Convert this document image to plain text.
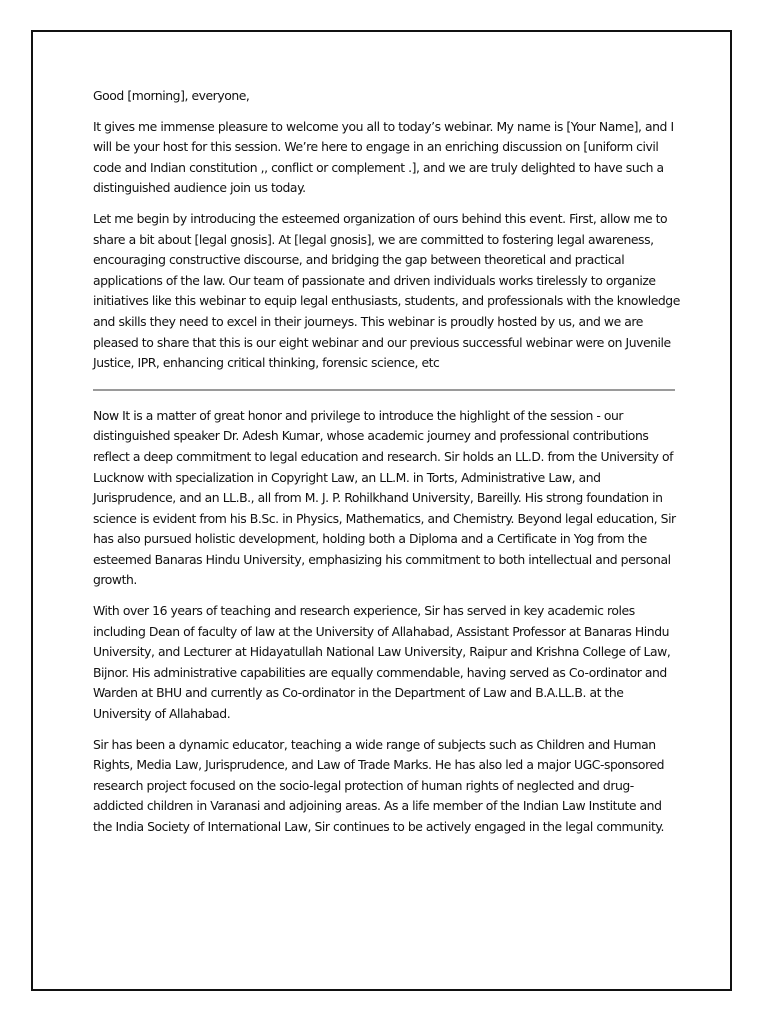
Good [morning], everyone,

It gives me immense pleasure to welcome you all to today’s webinar. My name is [Your Name], and I will be your host for this session. We’re here to engage in an enriching discussion on [uniform civil code and Indian constitution ,, conflict or complement .], and we are truly delighted to have such a distinguished audience join us today.

Let me begin by introducing the esteemed organization of ours behind this event. First, allow me to share a bit about [legal gnosis]. At [legal gnosis], we are committed to fostering legal awareness, encouraging constructive discourse, and bridging the gap between theoretical and practical applications of the law. Our team of passionate and driven individuals works tirelessly to organize initiatives like this webinar to equip legal enthusiasts, students, and professionals with the knowledge and skills they need to excel in their journeys. This webinar is proudly hosted by us, and we are pleased to share that this is our eight webinar and our previous successful webinar were on Juvenile Justice, IPR, enhancing critical thinking, forensic science, etc

Now It is a matter of great honor and privilege to introduce the highlight of the session - our distinguished speaker Dr. Adesh Kumar, whose academic journey and professional contributions reflect a deep commitment to legal education and research. Sir holds an LL.D. from the University of Lucknow with specialization in Copyright Law, an LL.M. in Torts, Administrative Law, and Jurisprudence, and an LL.B., all from M. J. P. Rohilkhand University, Bareilly. His strong foundation in science is evident from his B.Sc. in Physics, Mathematics, and Chemistry. Beyond legal education, Sir has also pursued holistic development, holding both a Diploma and a Certificate in Yog from the esteemed Banaras Hindu University, emphasizing his commitment to both intellectual and personal growth.

With over 16 years of teaching and research experience, Sir has served in key academic roles including Dean of faculty of law at the University of Allahabad, Assistant Professor at Banaras Hindu University, and Lecturer at Hidayatullah National Law University, Raipur and Krishna College of Law, Bijnor. His administrative capabilities are equally commendable, having served as Co-ordinator and Warden at BHU and currently as Co-ordinator in the Department of Law and B.A.LL.B. at the University of Allahabad.

Sir has been a dynamic educator, teaching a wide range of subjects such as Children and Human Rights, Media Law, Jurisprudence, and Law of Trade Marks. He has also led a major UGC-sponsored research project focused on the socio-legal protection of human rights of neglected and drug-addicted children in Varanasi and adjoining areas. As a life member of the Indian Law Institute and the India Society of International Law, Sir continues to be actively engaged in the legal community.
